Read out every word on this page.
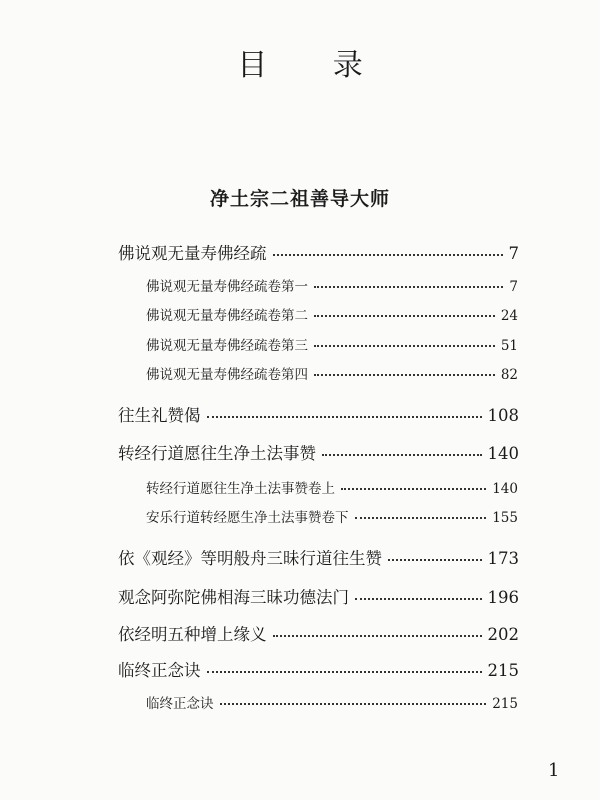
目 录
净土宗二祖善导大师
佛说观无量寿佛经疏	7
佛说观无量寿佛经疏卷第一	7
佛说观无量寿佛经疏卷第二	24
佛说观无量寿佛经疏卷第三	51
佛说观无量寿佛经疏卷第四	82
往生礼赞偈	108
转经行道愿往生净土法事赞	140
转经行道愿往生净土法事赞卷上	140
安乐行道转经愿生净土法事赞卷下	155
依《观经》等明般舟三昧行道往生赞	173
观念阿弥陀佛相海三昧功德法门	196
依经明五种增上缘义	202
临终正念诀	215
临终正念诀	215
1
